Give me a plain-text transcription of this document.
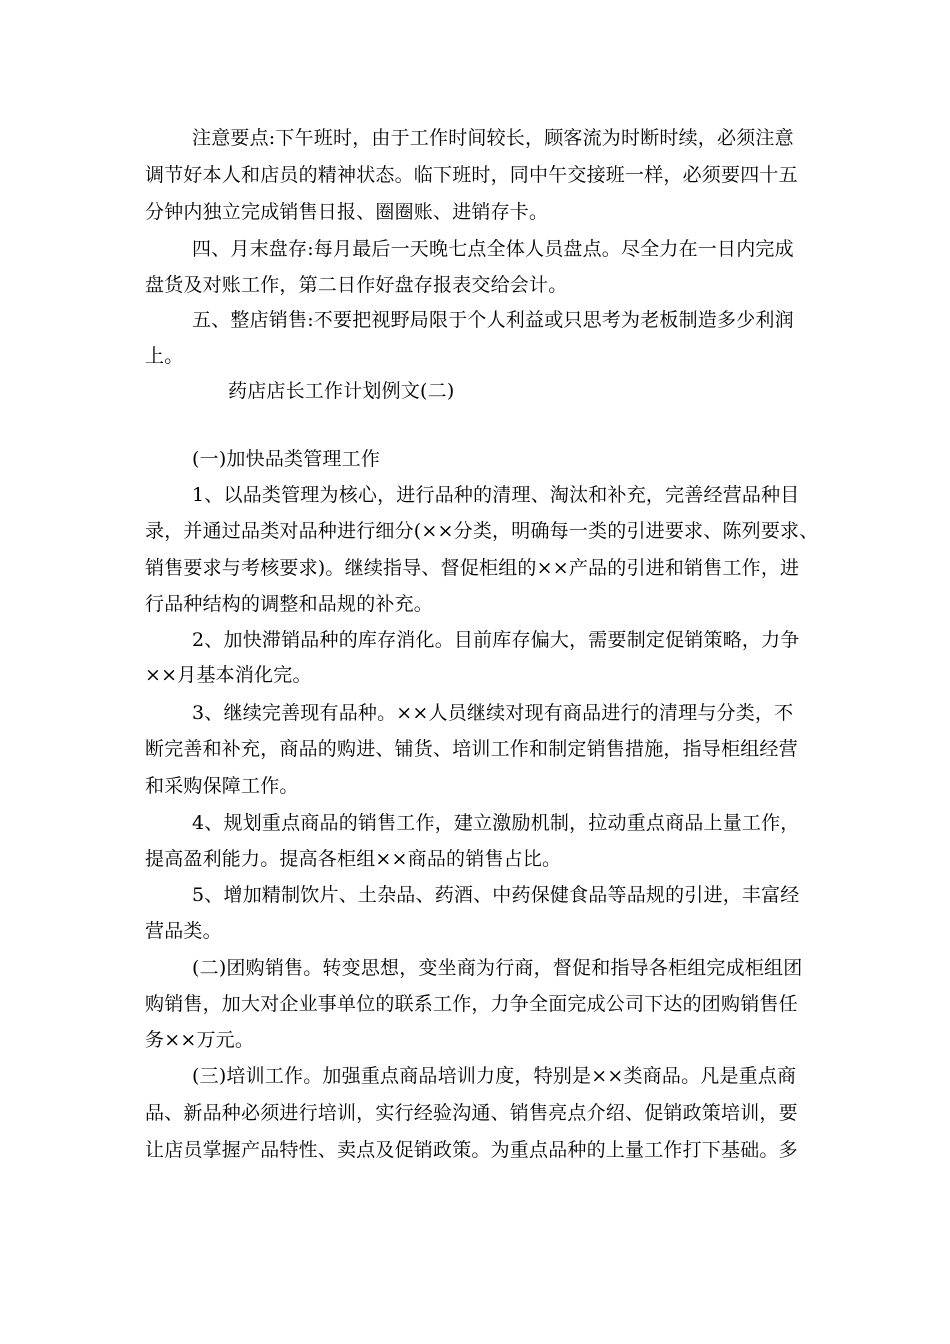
注意要点:下午班时，由于工作时间较长，顾客流为时断时续，必须注意
调节好本人和店员的精神状态。临下班时，同中午交接班一样，必须要四十五
分钟内独立完成销售日报、圈圈账、进销存卡。
四、月末盘存:每月最后一天晚七点全体人员盘点。尽全力在一日内完成
盘货及对账工作，第二日作好盘存报表交给会计。
五、整店销售:不要把视野局限于个人利益或只思考为老板制造多少利润
上。
药店店长工作计划例文(二)
(一)加快品类管理工作
1、以品类管理为核心，进行品种的清理、淘汰和补充，完善经营品种目
录，并通过品类对品种进行细分(××分类，明确每一类的引进要求、陈列要求、
销售要求与考核要求)。继续指导、督促柜组的××产品的引进和销售工作，进
行品种结构的调整和品规的补充。
2、加快滞销品种的库存消化。目前库存偏大，需要制定促销策略，力争
××月基本消化完。
3、继续完善现有品种。××人员继续对现有商品进行的清理与分类，不
断完善和补充，商品的购进、铺货、培训工作和制定销售措施，指导柜组经营
和采购保障工作。
4、规划重点商品的销售工作，建立激励机制，拉动重点商品上量工作，
提高盈利能力。提高各柜组××商品的销售占比。
5、增加精制饮片、土杂品、药酒、中药保健食品等品规的引进，丰富经
营品类。
(二)团购销售。转变思想，变坐商为行商，督促和指导各柜组完成柜组团
购销售，加大对企业事单位的联系工作，力争全面完成公司下达的团购销售任
务××万元。
(三)培训工作。加强重点商品培训力度，特别是××类商品。凡是重点商
品、新品种必须进行培训，实行经验沟通、销售亮点介绍、促销政策培训，要
让店员掌握产品特性、卖点及促销政策。为重点品种的上量工作打下基础。多
